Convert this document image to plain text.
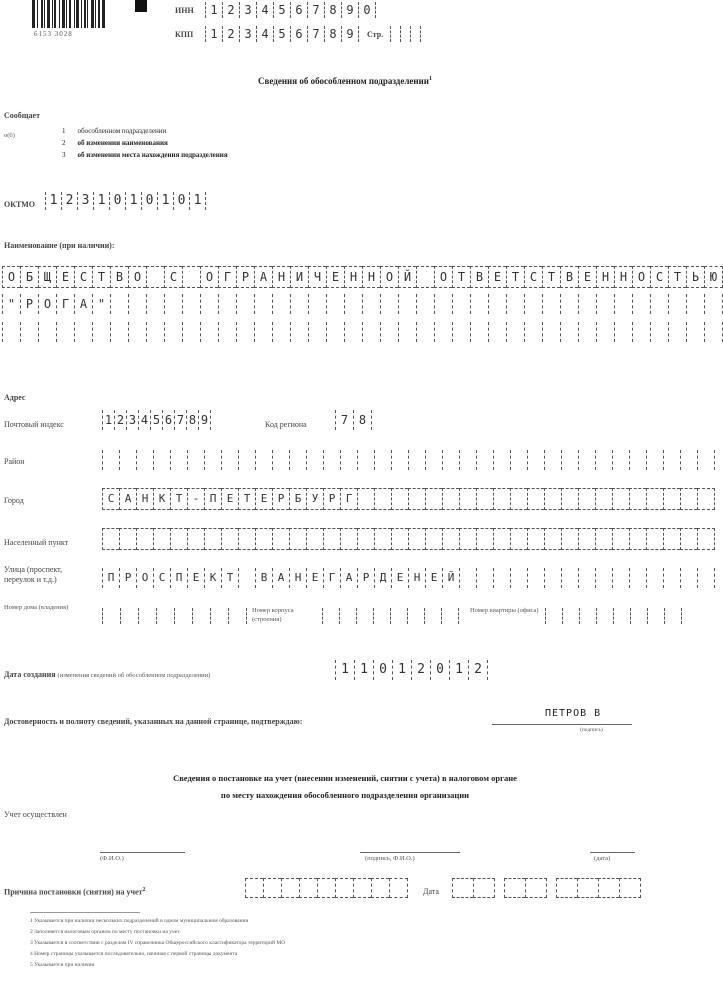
6153 3028
ИНН	1 2 3 4 5 6 7 8 9 0
КПП	1 2 3 4 5 6 7 8 9	Стр.
Сведения об обособленном подразделении$^1$
Сообщает
о(б)
1 обособленном подразделении
2 об изменении наименования
3 об изменении места нахождения подразделения
ОКТМО	1 2 3 1 0 1 0 1 0 1
Наименование (при наличии):
О Б Щ Е С Т В О	С	О Г Р А Н И Ч Е Н Н О Й	О Т В Е Т С Т В Е Н Н О С Т Ь Ю
" Р О Г А "
Адрес
Почтовый индекс	1 2 3 4 5 6 7 8 9	Код региона	7 8
Район
Город	С А Н К Т - П Е Т Е Р Б У Р Г
Населенный пункт
Улица (проспект, переулок и т.д.)	П Р О С П Е К Т	В А Н Е Г А Р Д Е Н Е Й
Номер дома (владения)	Номер корпуса (строения)
Номер квартиры (офиса)
Дата создания (изменения сведений об обособленном подразделении)	1 1 0 1 2 0 1 2
Достоверность и полноту сведений, указанных на данной странице, подтверждаю:
ПЕТРОВ В
(подпись)
Сведения о постановке на учет (внесении изменений, снятии с учета) в налоговом органе
по месту нахождения обособленного подразделения организации
Учет осуществлен
(Ф.И.О.)	(подпись, Ф.И.О.)	(дата)
Причина постановки (снятия) на учет$^2$	Дата
1 Указывается при наличии нескольких подразделений в одном муниципальном образовании
2 Заполняется налоговым органом по месту постановки на учет
3 Указывается в соответствии с разделом IV справочника Общероссийского классификатора территорий МО
4 Номер страницы указывается последовательно, начиная с первой страницы документа
5 Указывается при наличии
